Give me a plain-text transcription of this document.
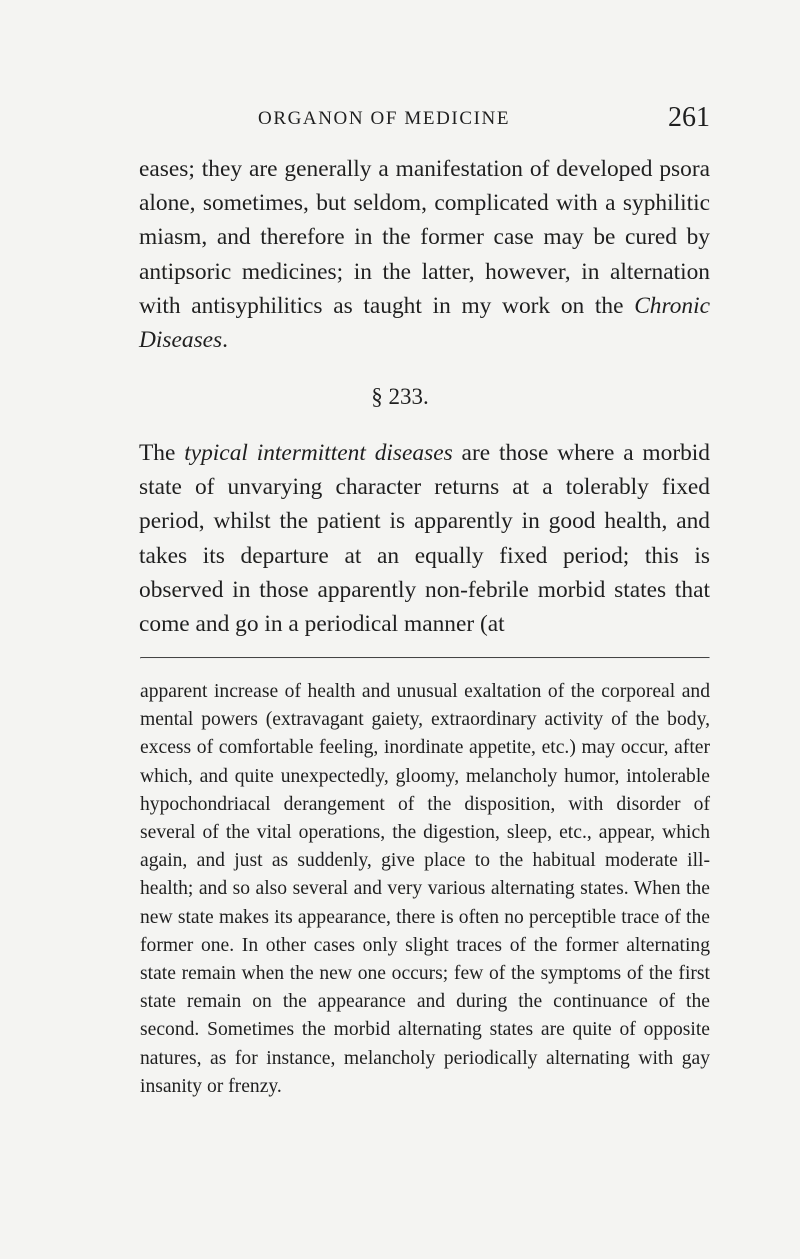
ORGANON OF MEDICINE	261

eases; they are generally a manifestation of developed psora alone, sometimes, but seldom, complicated with a syphilitic miasm, and therefore in the former case may be cured by antipsoric medicines; in the latter, however, in alternation with antisyphilitics as taught in my work on the Chronic Diseases.

§ 233.

The typical intermittent diseases are those where a morbid state of unvarying character returns at a tolerably fixed period, whilst the patient is apparently in good health, and takes its departure at an equally fixed period; this is observed in those apparently non-febrile morbid states that come and go in a periodical manner (at

apparent increase of health and unusual exaltation of the corporeal and mental powers (extravagant gaiety, extraordinary activity of the body, excess of comfortable feeling, inordinate appetite, etc.) may occur, after which, and quite unexpectedly, gloomy, melancholy humor, intolerable hypochondriacal derangement of the disposition, with disorder of several of the vital operations, the digestion, sleep, etc., appear, which again, and just as suddenly, give place to the habitual moderate ill-health; and so also several and very various alternating states. When the new state makes its appearance, there is often no perceptible trace of the former one. In other cases only slight traces of the former alternating state remain when the new one occurs; few of the symptoms of the first state remain on the appearance and during the continuance of the second. Sometimes the morbid alternating states are quite of opposite natures, as for instance, melancholy periodically alternating with gay insanity or frenzy.
